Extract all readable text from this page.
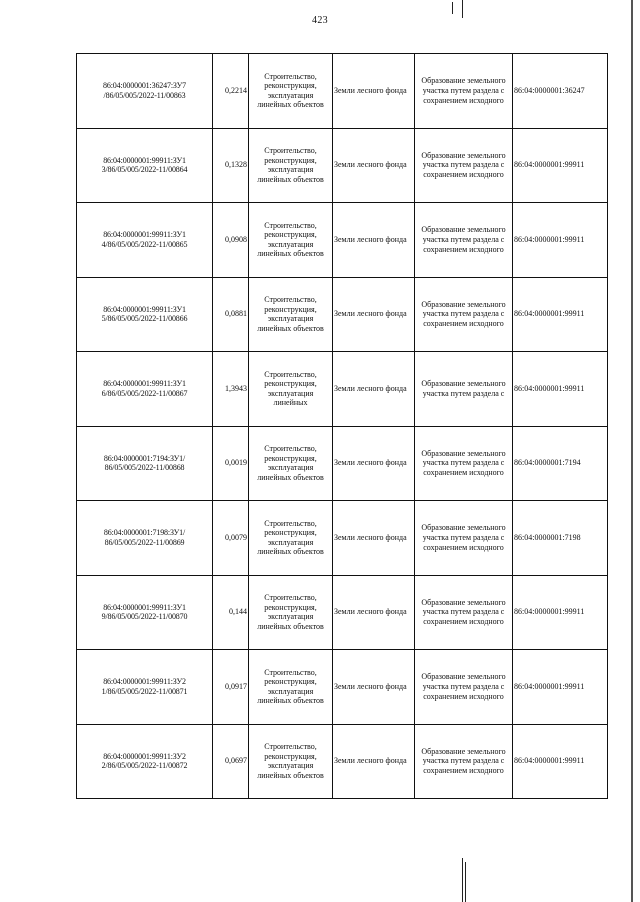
423
86:04:0000001:36247:ЗУ7 /86/05/005/2022-11/00863	0,2214	Строительство, реконструкция, эксплуатация линейных объектов	Земли лесного фонда	Образование земельного участка путем раздела с сохранением исходного	86:04:0000001:36247
86:04:0000001:99911:ЗУ1 3/86/05/005/2022-11/00864	0,1328	Строительство, реконструкция, эксплуатация линейных объектов	Земли лесного фонда	Образование земельного участка путем раздела с сохранением исходного	86:04:0000001:99911
86:04:0000001:99911:ЗУ1 4/86/05/005/2022-11/00865	0,0908	Строительство, реконструкция, эксплуатация линейных объектов	Земли лесного фонда	Образование земельного участка путем раздела с сохранением исходного	86:04:0000001:99911
86:04:0000001:99911:ЗУ1 5/86/05/005/2022-11/00866	0,0881	Строительство, реконструкция, эксплуатация линейных объектов	Земли лесного фонда	Образование земельного участка путем раздела с сохранением исходного	86:04:0000001:99911
86:04:0000001:99911:ЗУ1 6/86/05/005/2022-11/00867	1,3943	Строительство, реконструкция, эксплуатация линейных	Земли лесного фонда	Образование земельного участка путем раздела с	86:04:0000001:99911
86:04:0000001:7194:ЗУ1/ 86/05/005/2022-11/00868	0,0019	Строительство, реконструкция, эксплуатация линейных объектов	Земли лесного фонда	Образование земельного участка путем раздела с сохранением исходного	86:04:0000001:7194
86:04:0000001:7198:ЗУ1/ 86/05/005/2022-11/00869	0,0079	Строительство, реконструкция, эксплуатация линейных объектов	Земли лесного фонда	Образование земельного участка путем раздела с сохранением исходного	86:04:0000001:7198
86:04:0000001:99911:ЗУ1 9/86/05/005/2022-11/00870	0,144	Строительство, реконструкция, эксплуатация линейных объектов	Земли лесного фонда	Образование земельного участка путем раздела с сохранением исходного	86:04:0000001:99911
86:04:0000001:99911:ЗУ2 1/86/05/005/2022-11/00871	0,0917	Строительство, реконструкция, эксплуатация линейных объектов	Земли лесного фонда	Образование земельного участка путем раздела с сохранением исходного	86:04:0000001:99911
86:04:0000001:99911:ЗУ2 2/86/05/005/2022-11/00872	0,0697	Строительство, реконструкция, эксплуатация линейных объектов	Земли лесного фонда	Образование земельного участка путем раздела с сохранением исходного	86:04:0000001:99911
